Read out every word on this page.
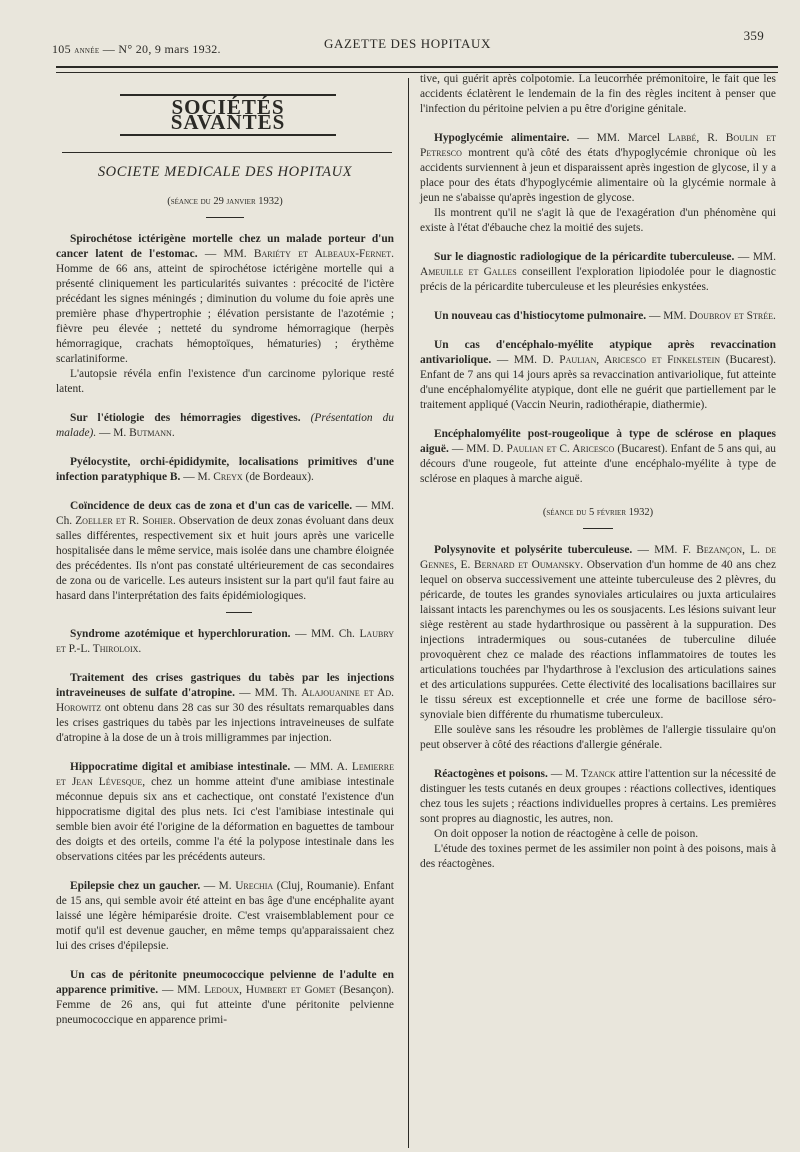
105 année — N° 20, 9 mars 1932.	GAZETTE DES HOPITAUX
359
SOCIÉTÉS SAVANTES
SOCIETE MEDICALE DES HOPITAUX
(séance du 29 janvier 1932)

Spirochétose ictérigène mortelle chez un malade porteur d'un cancer latent de l'estomac. — MM. Bariéty et Albeaux-Fernet. Homme de 66 ans, atteint de spirochétose ictérigène mortelle qui a présenté cliniquement les particularités suivantes : précocité de l'ictère précédant les signes méningés ; diminution du volume du foie après une première phase d'hypertrophie ; élévation persistante de l'azotémie ; fièvre peu élevée ; netteté du syndrome hémorragique (herpès hémorragique, crachats hémoptoïques, hématuries) ; érythème scarlatiniforme.

L'autopsie révéla enfin l'existence d'un carcinome pylorique resté latent.

Sur l'étiologie des hémorragies digestives. (Présentation du malade). — M. Butmann.

Pyélocystite, orchi-épididymite, localisations primitives d'une infection paratyphique B. — M. Creyx (de Bordeaux).

Coïncidence de deux cas de zona et d'un cas de varicelle. — MM. Ch. Zoeller et R. Sohier. Observation de deux zonas évoluant dans deux salles différentes, respectivement six et huit jours après une varicelle hospitalisée dans le même service, mais isolée dans une chambre éloignée des précédentes. Ils n'ont pas constaté ultérieurement de cas secondaires de zona ou de varicelle. Les auteurs insistent sur la part qu'il faut faire au hasard dans l'interprétation des faits épidémiologiques.

Syndrome azotémique et hyperchloruration. — MM. Ch. Laubry et P.-L. Thiroloix.

Traitement des crises gastriques du tabès par les injections intraveineuses de sulfate d'atropine. — MM. Th. Alajouanine et Ad. Horowitz ont obtenu dans 28 cas sur 30 des résultats remarquables dans les crises gastriques du tabès par les injections intraveineuses de sulfate d'atropine à la dose de un à trois milligrammes par injection.

Hippocratime digital et amibiase intestinale. — MM. A. Lemierre et Jean Lévesque, chez un homme atteint d'une amibiase intestinale méconnue depuis six ans et cachectique, ont constaté l'existence d'un hippocratisme digital des plus nets. Ici c'est l'amibiase intestinale qui semble bien avoir été l'origine de la déformation en baguettes de tambour des doigts et des orteils, comme l'a été la polypose intestinale dans les observations citées par les précédents auteurs.

Epilepsie chez un gaucher. — M. Urechia (Cluj, Roumanie). Enfant de 15 ans, qui semble avoir été atteint en bas âge d'une encéphalite ayant laissé une légère hémiparésie droite. C'est vraisemblablement pour ce motif qu'il est devenue gaucher, en même temps qu'apparaissaient chez lui des crises d'épilepsie.

Un cas de péritonite pneumococcique pelvienne de l'adulte en apparence primitive. — MM. Ledoux, Humbert et Gomet (Besançon). Femme de 26 ans, qui fut atteinte d'une péritonite pelvienne pneumococcique en apparence primi-

tive, qui guérit après colpotomie. La leucorrhée prémonitoire, le fait que les accidents éclatèrent le lendemain de la fin des règles incitent à penser que l'infection du péritoine pelvien a pu être d'origine génitale.

Hypoglycémie alimentaire. — MM. Marcel Labbé, R. Boulin et Petresco montrent qu'à côté des états d'hypoglycémie chronique où les accidents surviennent à jeun et disparaissent après ingestion de glycose, il y a place pour des états d'hypoglycémie alimentaire où la glycémie normale à jeun ne s'abaisse qu'après ingestion de glycose.

Ils montrent qu'il ne s'agit là que de l'exagération d'un phénomène qui existe à l'état d'ébauche chez la moitié des sujets.

Sur le diagnostic radiologique de la péricardite tuberculeuse. — MM. Ameuille et Galles conseillent l'exploration lipiodolée pour le diagnostic précis de la péricardite tuberculeuse et les pleurésies enkystées.

Un nouveau cas d'histiocytome pulmonaire. — MM. Doubrov et Strée.

Un cas d'encéphalo-myélite atypique après revaccination antivariolique. — MM. D. Paulian, Aricesco et Finkelstein (Bucarest). Enfant de 7 ans qui 14 jours après sa revaccination antivariolique, fut atteinte d'une encéphalomyélite atypique, dont elle ne guérit que partiellement par le traitement appliqué (Vaccin Neurin, radiothérapie, diathermie).

Encéphalomyélite post-rougeolique à type de sclérose en plaques aiguë. — MM. D. Paulian et C. Aricesco (Bucarest). Enfant de 5 ans qui, au décours d'une rougeole, fut atteinte d'une encéphalo-myélite à type de sclérose en plaques à marche aiguë.

(séance du 5 février 1932)

Polysynovite et polysérite tuberculeuse. — MM. F. Bezançon, L. de Gennes, E. Bernard et Oumansky. Observation d'un homme de 40 ans chez lequel on observa successivement une atteinte tuberculeuse des 2 plèvres, du péricarde, de toutes les grandes synoviales articulaires ou juxta articulaires laissant intacts les parenchymes ou les os sousjacents. Les lésions suivant leur siège restèrent au stade hydarthrosique ou passèrent à la suppuration. Des injections intradermiques ou sous-cutanées de tuberculine diluée provoquèrent chez ce malade des réactions inflammatoires de toutes les articulations touchées par l'hydarthrose à l'exclusion des articulations saines et des articulations suppurées. Cette électivité des localisations bacillaires sur le tissu séreux est exceptionnelle et crée une forme de bacillose séro-synoviale bien différente du rhumatisme tuberculeux.

Elle soulève sans les résoudre les problèmes de l'allergie tissulaire qu'on peut observer à côté des réactions d'allergie générale.

Réactogènes et poisons. — M. Tzanck attire l'attention sur la nécessité de distinguer les tests cutanés en deux groupes : réactions collectives, identiques chez tous les sujets ; réactions individuelles propres à certains. Les premières sont propres au diagnostic, les autres, non.

On doit opposer la notion de réactogène à celle de poison.

L'étude des toxines permet de les assimiler non point à des poisons, mais à des réactogènes.
